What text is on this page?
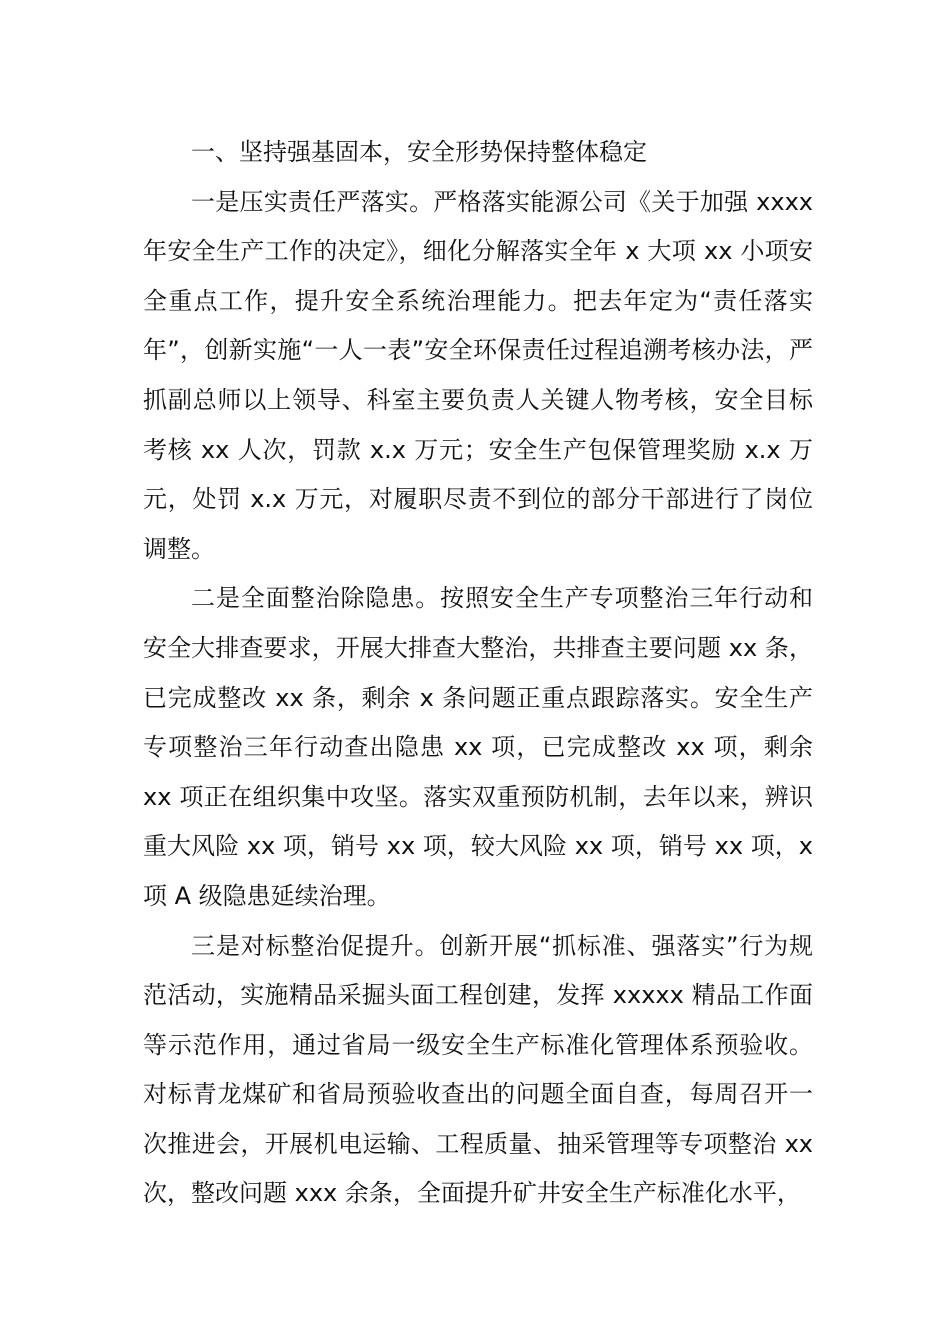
一、坚持强基固本，安全形势保持整体稳定

一是压实责任严落实。严格落实能源公司《关于加强 xxxx 年安全生产工作的决定》，细化分解落实全年 x 大项 xx 小项安全重点工作，提升安全系统治理能力。把去年定为“责任落实年”，创新实施“一人一表”安全环保责任过程追溯考核办法，严抓副总师以上领导、科室主要负责人关键人物考核，安全目标考核 xx 人次，罚款 x.x 万元；安全生产包保管理奖励 x.x 万元，处罚 x.x 万元，对履职尽责不到位的部分干部进行了岗位调整。

二是全面整治除隐患。按照安全生产专项整治三年行动和安全大排查要求，开展大排查大整治，共排查主要问题 xx 条，已完成整改 xx 条，剩余 x 条问题正重点跟踪落实。安全生产专项整治三年行动查出隐患 xx 项，已完成整改 xx 项，剩余 xx 项正在组织集中攻坚。落实双重预防机制，去年以来，辨识重大风险 xx 项，销号 xx 项，较大风险 xx 项，销号 xx 项，x 项 A 级隐患延续治理。

三是对标整治促提升。创新开展“抓标准、强落实”行为规范活动，实施精品采掘头面工程创建，发挥 xxxxx 精品工作面等示范作用，通过省局一级安全生产标准化管理体系预验收。对标青龙煤矿和省局预验收查出的问题全面自查，每周召开一次推进会，开展机电运输、工程质量、抽采管理等专项整治 xx 次，整改问题 xxx 余条，全面提升矿井安全生产标准化水平，
